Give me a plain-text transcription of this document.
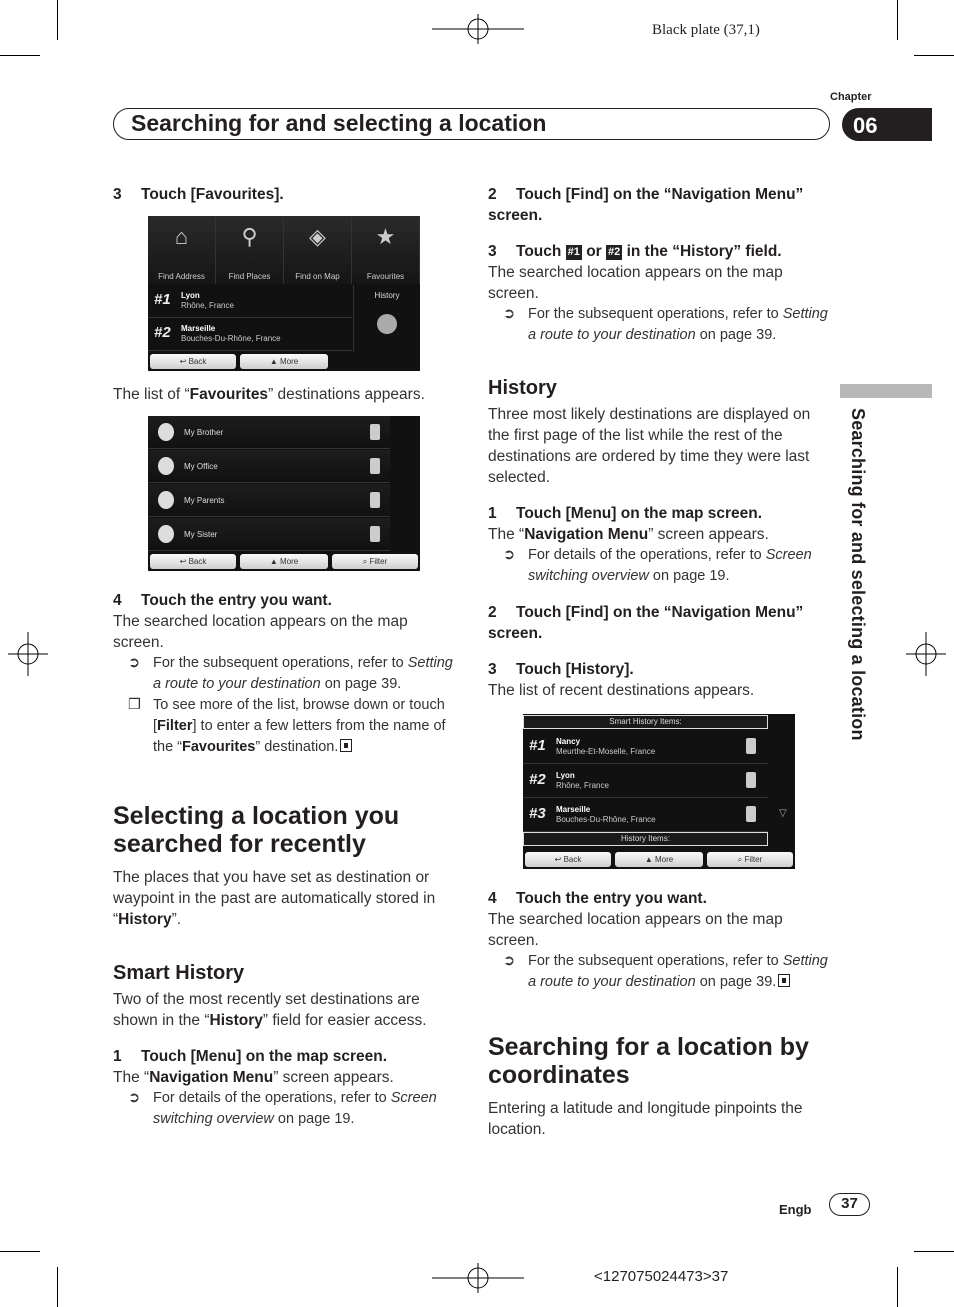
Black plate (37,1)
Chapter
Searching for and selecting a location	06
Searching for and selecting a location
3 Touch [Favourites].
⌂
Find Address
⚲
Find Places
◈
Find on Map
★
Favourites
#1 Lyon
Rhône, France
#2 Marseille
Bouches-Du-Rhône, France
History
↩ Back	▲ More
The list of “Favourites” destinations appears.
My Brother
My Office
My Parents
My Sister
↩ Back	▲ More	⌕ Filter
4 Touch the entry you want.
The searched location appears on the map screen.
➲ For the subsequent operations, refer to Setting a route to your destination on page 39.
❒ To see more of the list, browse down or touch [Filter] to enter a few letters from the name of the “Favourites” destination.
Selecting a location you searched for recently
The places that you have set as destination or waypoint in the past are automatically stored in “History”.
Smart History
Two of the most recently set destinations are shown in the “History” field for easier access.
1 Touch [Menu] on the map screen.
The “Navigation Menu” screen appears.
➲ For details of the operations, refer to Screen switching overview on page 19.
2 Touch [Find] on the “Navigation Menu” screen.
3 Touch #1 or #2 in the “History” field.
The searched location appears on the map screen.
➲ For the subsequent operations, refer to Setting a route to your destination on page 39.
History
Three most likely destinations are displayed on the first page of the list while the rest of the destinations are ordered by time they were last selected.
1 Touch [Menu] on the map screen.
The “Navigation Menu” screen appears.
➲ For details of the operations, refer to Screen switching overview on page 19.
2 Touch [Find] on the “Navigation Menu” screen.
3 Touch [History].
The list of recent destinations appears.
Smart History Items:
#1 Nancy
Meurthe-Et-Moselle, France
#2 Lyon
Rhône, France
#3 Marseille
Bouches-Du-Rhône, France
▽
History Items:
↩ Back	▲ More	⌕ Filter
4 Touch the entry you want.
The searched location appears on the map screen.
➲ For the subsequent operations, refer to Setting a route to your destination on page 39.
Searching for a location by coordinates
Entering a latitude and longitude pinpoints the location.
Engb	37
<127075024473>37
